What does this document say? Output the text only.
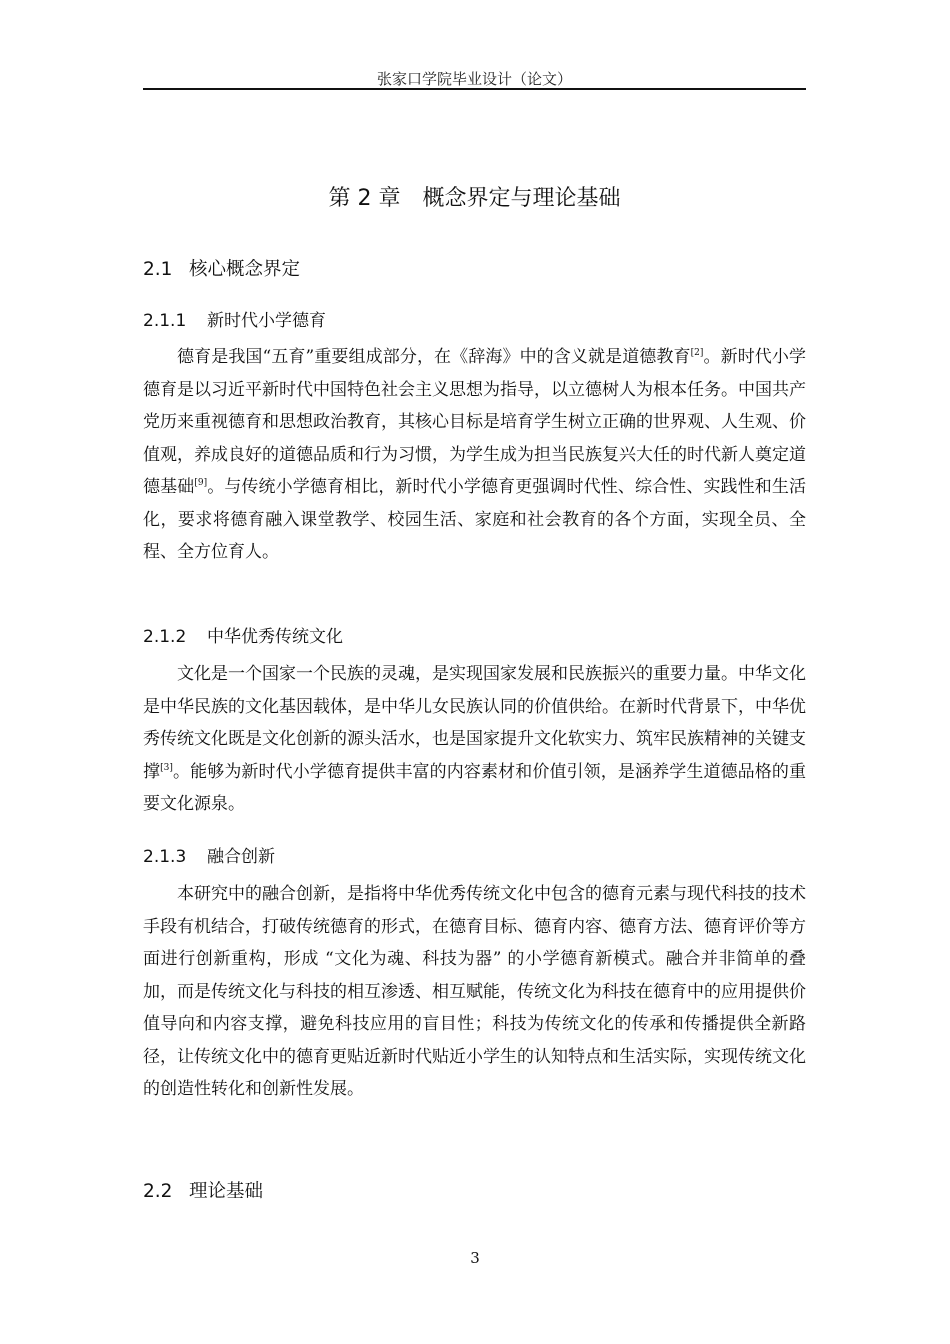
张家口学院毕业设计（论文）
第 2 章　概念界定与理论基础
2.1 核心概念界定
2.1.1 新时代小学德育

德育是我国“五育”重要组成部分，在《辞海》中的含义就是道德教育[2]。新时代小学德育是以习近平新时代中国特色社会主义思想为指导，以立德树人为根本任务。中国共产党历来重视德育和思想政治教育，其核心目标是培育学生树立正确的世界观、人生观、价值观，养成良好的道德品质和行为习惯，为学生成为担当民族复兴大任的时代新人奠定道德基础[9]。与传统小学德育相比，新时代小学德育更强调时代性、综合性、实践性和生活化，要求将德育融入课堂教学、校园生活、家庭和社会教育的各个方面，实现全员、全程、全方位育人。

2.1.2 中华优秀传统文化

文化是一个国家一个民族的灵魂，是实现国家发展和民族振兴的重要力量。中华文化是中华民族的文化基因载体，是中华儿女民族认同的价值供给。在新时代背景下，中华优秀传统文化既是文化创新的源头活水，也是国家提升文化软实力、筑牢民族精神的关键支撑[3]。能够为新时代小学德育提供丰富的内容素材和价值引领，是涵养学生道德品格的重要文化源泉。

2.1.3 融合创新

本研究中的融合创新，是指将中华优秀传统文化中包含的德育元素与现代科技的技术手段有机结合，打破传统德育的形式，在德育目标、德育内容、德育方法、德育评价等方面进行创新重构，形成 “文化为魂、科技为器” 的小学德育新模式。融合并非简单的叠加，而是传统文化与科技的相互渗透、相互赋能，传统文化为科技在德育中的应用提供价值导向和内容支撑，避免科技应用的盲目性；科技为传统文化的传承和传播提供全新路径，让传统文化中的德育更贴近新时代贴近小学生的认知特点和生活实际，实现传统文化的创造性转化和创新性发展。

2.2 理论基础
3
